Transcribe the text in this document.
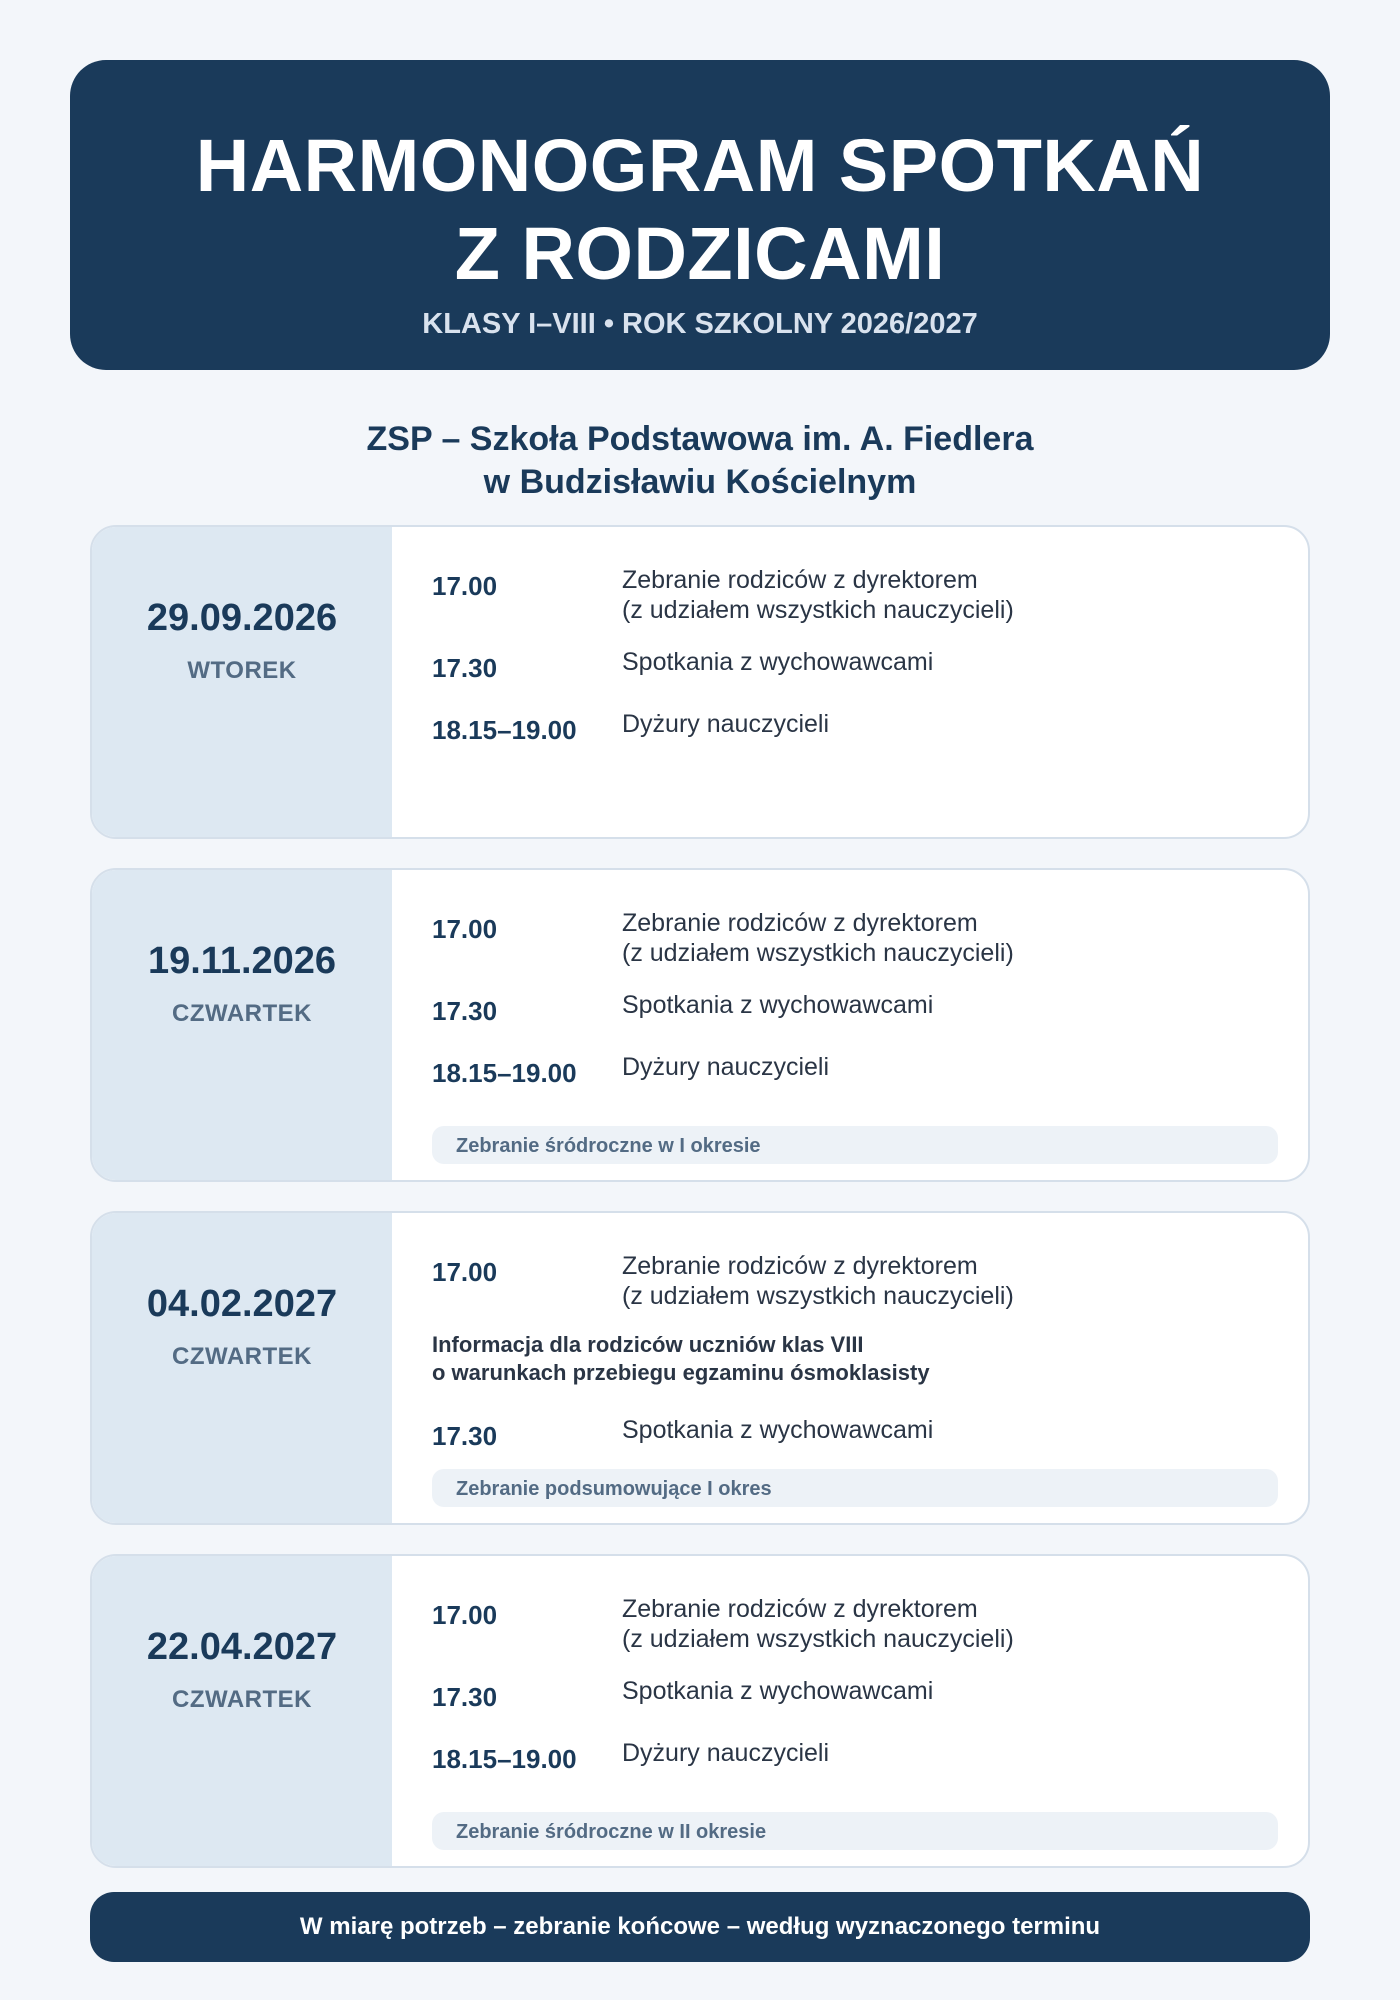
HARMONOGRAM SPOTKAŃ
Z RODZICAMI
KLASY I–VIII • ROK SZKOLNY 2026/2027
ZSP – Szkoła Podstawowa im. A. Fiedlera
w Budzisławiu Kościelnym
29.09.2026
WTOREK
17.00	Zebranie rodziców z dyrektorem
(z udziałem wszystkich nauczycieli)
17.30	Spotkania z wychowawcami
18.15–19.00	Dyżury nauczycieli
19.11.2026
CZWARTEK
17.00	Zebranie rodziców z dyrektorem
(z udziałem wszystkich nauczycieli)
17.30	Spotkania z wychowawcami
18.15–19.00	Dyżury nauczycieli
Zebranie śródroczne w I okresie
04.02.2027
CZWARTEK
17.00	Zebranie rodziców z dyrektorem
(z udziałem wszystkich nauczycieli)
Informacja dla rodziców uczniów klas VIII
o warunkach przebiegu egzaminu ósmoklasisty
17.30	Spotkania z wychowawcami
Zebranie podsumowujące I okres
22.04.2027
CZWARTEK
17.00	Zebranie rodziców z dyrektorem
(z udziałem wszystkich nauczycieli)
17.30	Spotkania z wychowawcami
18.15–19.00	Dyżury nauczycieli
Zebranie śródroczne w II okresie
W miarę potrzeb – zebranie końcowe – według wyznaczonego terminu
